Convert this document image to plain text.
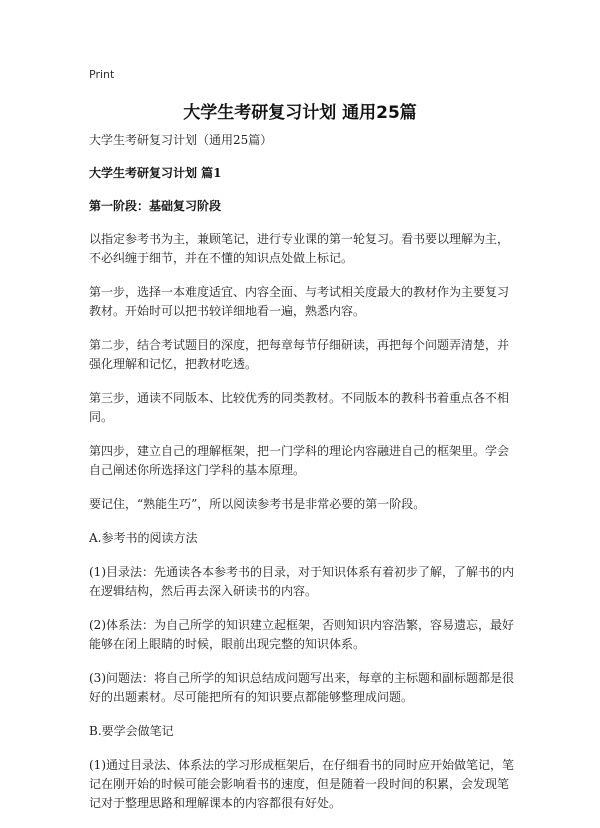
Print
大学生考研复习计划 通用25篇

大学生考研复习计划（通用25篇）

大学生考研复习计划 篇1

第一阶段：基础复习阶段

以指定参考书为主，兼顾笔记，进行专业课的第一轮复习。看书要以理解为主，不必纠缠于细节，并在不懂的知识点处做上标记。

第一步，选择一本难度适宜、内容全面、与考试相关度最大的教材作为主要复习教材。开始时可以把书较详细地看一遍，熟悉内容。

第二步，结合考试题目的深度，把每章每节仔细研读，再把每个问题弄清楚，并强化理解和记忆，把教材吃透。

第三步，通读不同版本、比较优秀的同类教材。不同版本的教科书着重点各不相同。

第四步，建立自己的理解框架，把一门学科的理论内容融进自己的框架里。学会自己阐述你所选择这门学科的基本原理。

要记住，“熟能生巧”，所以阅读参考书是非常必要的第一阶段。

A.参考书的阅读方法

(1)目录法：先通读各本参考书的目录，对于知识体系有着初步了解，了解书的内在逻辑结构，然后再去深入研读书的内容。

(2)体系法：为自己所学的知识建立起框架，否则知识内容浩繁，容易遗忘，最好能够在闭上眼睛的时候，眼前出现完整的知识体系。

(3)问题法：将自己所学的知识总结成问题写出来，每章的主标题和副标题都是很好的出题素材。尽可能把所有的知识要点都能够整理成问题。

B.要学会做笔记

(1)通过目录法、体系法的学习形成框架后，在仔细看书的同时应开始做笔记，笔记在刚开始的时候可能会影响看书的速度，但是随着一段时间的积累，会发现笔记对于整理思路和理解课本的内容都很有好处。
